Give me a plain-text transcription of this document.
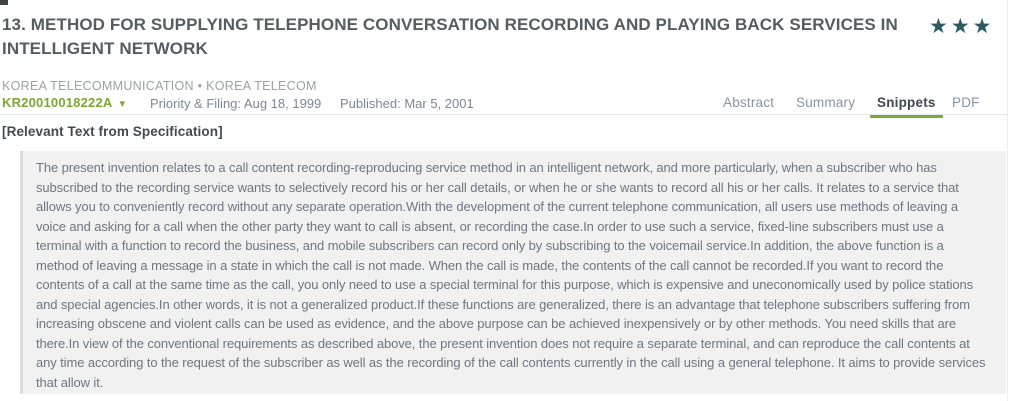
13. METHOD FOR SUPPLYING TELEPHONE CONVERSATION RECORDING AND PLAYING BACK SERVICES IN INTELLIGENT NETWORK
★★★
KOREA TELECOMMUNICATION • KOREA TELECOM
KR20010018222A ▾ Priority & Filing: Aug 18, 1999 Published: Mar 5, 2001	Abstract Summary Snippets PDF
[Relevant Text from Specification]
The present invention relates to a call content recording-reproducing service method in an intelligent network, and more particularly, when a subscriber who has subscribed to the recording service wants to selectively record his or her call details, or when he or she wants to record all his or her calls. It relates to a service that allows you to conveniently record without any separate operation.With the development of the current telephone communication, all users use methods of leaving a voice and asking for a call when the other party they want to call is absent, or recording the case.In order to use such a service, fixed-line subscribers must use a terminal with a function to record the business, and mobile subscribers can record only by subscribing to the voicemail service.In addition, the above function is a method of leaving a message in a state in which the call is not made. When the call is made, the contents of the call cannot be recorded.If you want to record the contents of a call at the same time as the call, you only need to use a special terminal for this purpose, which is expensive and uneconomically used by police stations and special agencies.In other words, it is not a generalized product.If these functions are generalized, there is an advantage that telephone subscribers suffering from increasing obscene and violent calls can be used as evidence, and the above purpose can be achieved inexpensively or by other methods. You need skills that are there.In view of the conventional requirements as described above, the present invention does not require a separate terminal, and can reproduce the call contents at any time according to the request of the subscriber as well as the recording of the call contents currently in the call using a general telephone. It aims to provide services that allow it.
